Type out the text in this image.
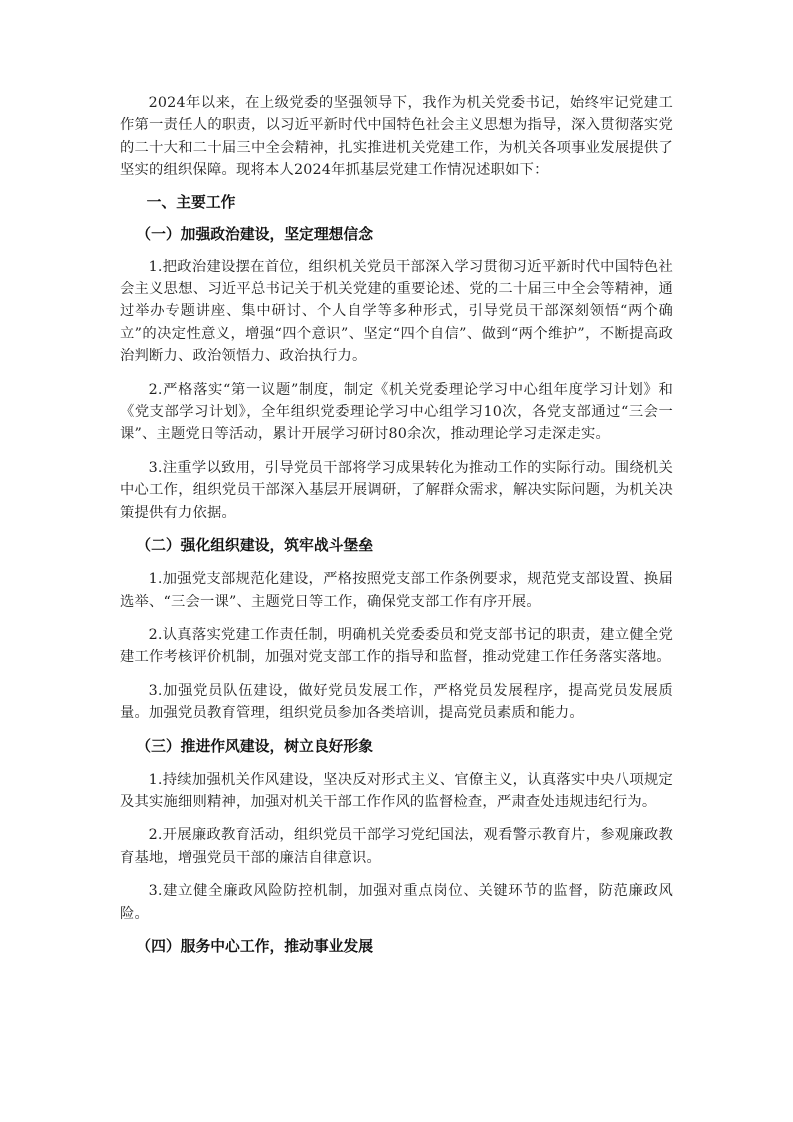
2024年以来，在上级党委的坚强领导下，我作为机关党委书记，始终牢记党建工作第一责任人的职责，以习近平新时代中国特色社会主义思想为指导，深入贯彻落实党的二十大和二十届三中全会精神，扎实推进机关党建工作，为机关各项事业发展提供了坚实的组织保障。现将本人2024年抓基层党建工作情况述职如下：

一、主要工作
（一）加强政治建设，坚定理想信念

1.把政治建设摆在首位，组织机关党员干部深入学习贯彻习近平新时代中国特色社会主义思想、习近平总书记关于机关党建的重要论述、党的二十届三中全会等精神，通过举办专题讲座、集中研讨、个人自学等多种形式，引导党员干部深刻领悟“两个确立”的决定性意义，增强“四个意识”、坚定“四个自信”、做到“两个维护”，不断提高政治判断力、政治领悟力、政治执行力。

2.严格落实“第一议题”制度，制定《机关党委理论学习中心组年度学习计划》和《党支部学习计划》，全年组织党委理论学习中心组学习10次，各党支部通过“三会一课”、主题党日等活动，累计开展学习研讨80余次，推动理论学习走深走实。

3.注重学以致用，引导党员干部将学习成果转化为推动工作的实际行动。围绕机关中心工作，组织党员干部深入基层开展调研，了解群众需求，解决实际问题，为机关决策提供有力依据。

（二）强化组织建设，筑牢战斗堡垒

1.加强党支部规范化建设，严格按照党支部工作条例要求，规范党支部设置、换届选举、“三会一课”、主题党日等工作，确保党支部工作有序开展。

2.认真落实党建工作责任制，明确机关党委委员和党支部书记的职责，建立健全党建工作考核评价机制，加强对党支部工作的指导和监督，推动党建工作任务落实落地。

3.加强党员队伍建设，做好党员发展工作，严格党员发展程序，提高党员发展质量。加强党员教育管理，组织党员参加各类培训，提高党员素质和能力。

（三）推进作风建设，树立良好形象

1.持续加强机关作风建设，坚决反对形式主义、官僚主义，认真落实中央八项规定及其实施细则精神，加强对机关干部工作作风的监督检查，严肃查处违规违纪行为。

2.开展廉政教育活动，组织党员干部学习党纪国法，观看警示教育片，参观廉政教育基地，增强党员干部的廉洁自律意识。

3.建立健全廉政风险防控机制，加强对重点岗位、关键环节的监督，防范廉政风险。

（四）服务中心工作，推动事业发展
